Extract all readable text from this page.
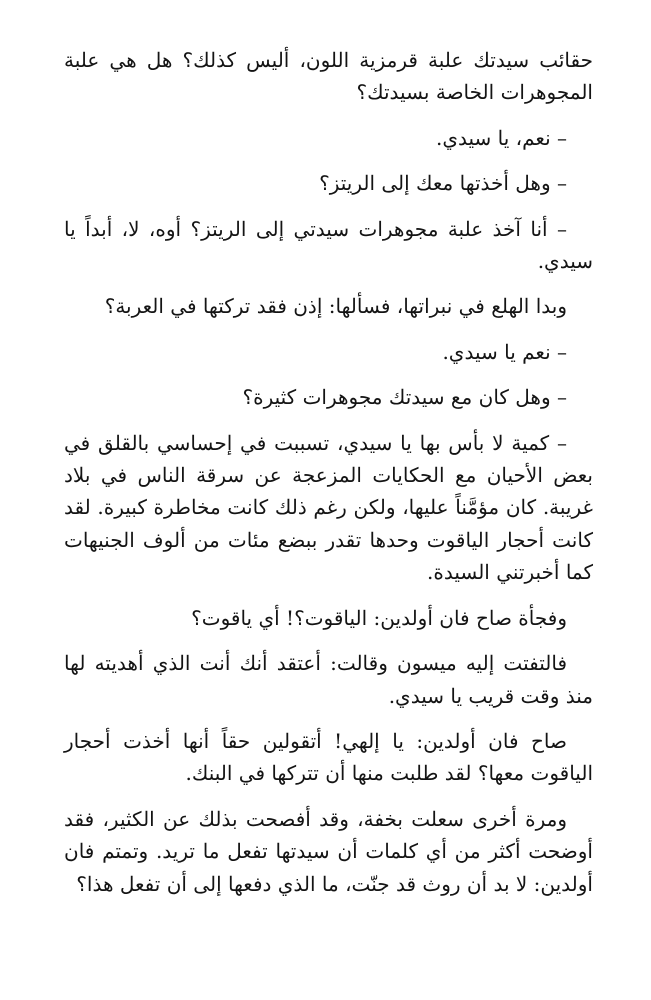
حقائب سيدتك علبة قرمزية اللون، أليس كذلك؟ هل هي علبة المجوهرات الخاصة بسيدتك؟

– نعم، يا سيدي.

– وهل أخذتها معك إلى الريتز؟

– أنا آخذ علبة مجوهرات سيدتي إلى الريتز؟ أوه، لا، أبداً يا سيدي.

وبدا الهلع في نبراتها، فسألها: إذن فقد تركتها في العربة؟

– نعم يا سيدي.

– وهل كان مع سيدتك مجوهرات كثيرة؟

– كمية لا بأس بها يا سيدي، تسببت في إحساسي بالقلق في بعض الأحيان مع الحكايات المزعجة عن سرقة الناس في بلاد غريبة. كان مؤمَّناً عليها، ولكن رغم ذلك كانت مخاطرة كبيرة. لقد كانت أحجار الياقوت وحدها تقدر ببضع مئات من ألوف الجنيهات كما أخبرتني السيدة.

وفجأة صاح فان أولدين: الياقوت؟! أي ياقوت؟

فالتفتت إليه ميسون وقالت: أعتقد أنك أنت الذي أهديته لها منذ وقت قريب يا سيدي.

صاح فان أولدين: يا إلهي! أتقولين حقاً أنها أخذت أحجار الياقوت معها؟ لقد طلبت منها أن تتركها في البنك.

ومرة أخرى سعلت بخفة، وقد أفصحت بذلك عن الكثير، فقد أوضحت أكثر من أي كلمات أن سيدتها تفعل ما تريد. وتمتم فان أولدين: لا بد أن روث قد جنّت، ما الذي دفعها إلى أن تفعل هذا؟
